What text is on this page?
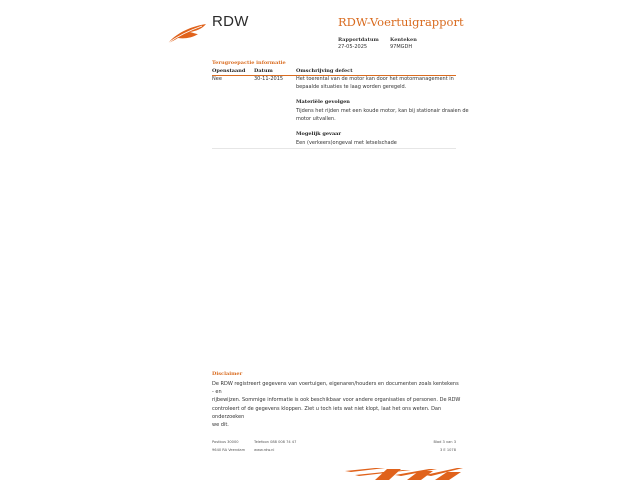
RDW	RDW-Voertuigrapport
Rapportdatum
27-05-2025
Kenteken
97MGDH
Terugroepactie informatie
Openstaand Datum	Omschrijving defect
Nee	30-11-2015	Het toerental van de motor kan door het motormanagement in
bepaalde situaties te laag worden geregeld.
Materiële gevolgen
Tijdens het rijden met een koude motor, kan bij stationair draaien de
motor uitvallen.
Mogelijk gevaar
Een (verkeers)ongeval met letselschade
Disclaimer
De RDW registreert gegevens van voertuigen, eigenaren/houders en documenten zoals kentekens - en
rijbewijzen. Sommige informatie is ook beschikbaar voor andere organisaties of personen. De RDW
controleert of de gegevens kloppen. Ziet u toch iets wat niet klopt, laat het ons weten. Dan onderzoeken
we dit.
Postbus 30000
9640 RA Veendam
Telefoon 088 008 74 47
www.rdw.nl
Blad 3 van 3
3 E 1078
